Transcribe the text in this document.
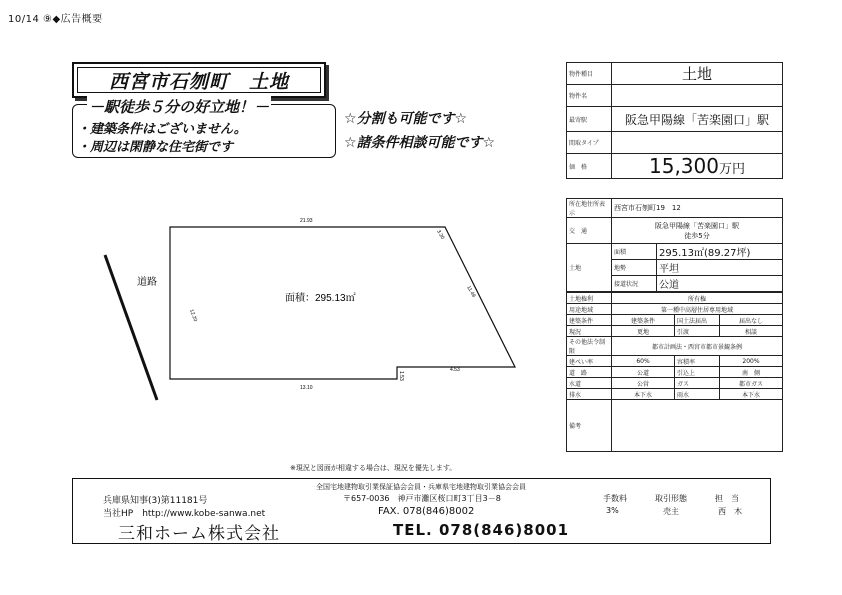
10/14 ⑨◆広告概要
西宮市石刎町　土地
－駅徒歩５分の好立地！－
・建築条件はございません。
・周辺は閑静な住宅街です
☆分割も可能です☆
☆諸条件相談可能です☆
物件種目	土地
物件名	
最寄駅	阪急甲陽線「苦楽園口」駅
間取タイプ	
価　格	15,300万円
所在地住所表示	西宮市石刎町19　12	
交　通	阪急甲陽線「苦楽園口」駅
徒歩5分	

土地	面積	295.13㎡(89.27坪)
	地勢	平坦
	接道状況	公道
土地権利	所有権		
用途地域	第一種中高層住居専用地域		
建築条件	建築条件	国土法届出	届出なし
現況	更地	引渡	相談
その他法令制限	都市計画法・西宮市都市景観条例		
建ぺい率	60%	容積率	200%
道　路	公道	引込上	南　側
水道	公営	ガス	都市ガス
排水	本下水	雨水	本下水
備考			
道路
面積：295.13㎡
21.93
12.20
3.20
11.49
13.10
4.53
1.53
※現況と図面が相違する場合は、現況を優先します。
全国宅地建物取引業保証協会会員・兵庫県宅地建物取引業協会会員
兵庫県知事(3)第11181号	〒657-0036　神戸市灘区桜口町3丁目3－8	手数料	取引形態	担　当
当社HP　http://www.kobe-sanwa.net	FAX. 078(846)8002	3%	売主	西　木
三和ホーム株式会社	TEL. 078(846)8001
